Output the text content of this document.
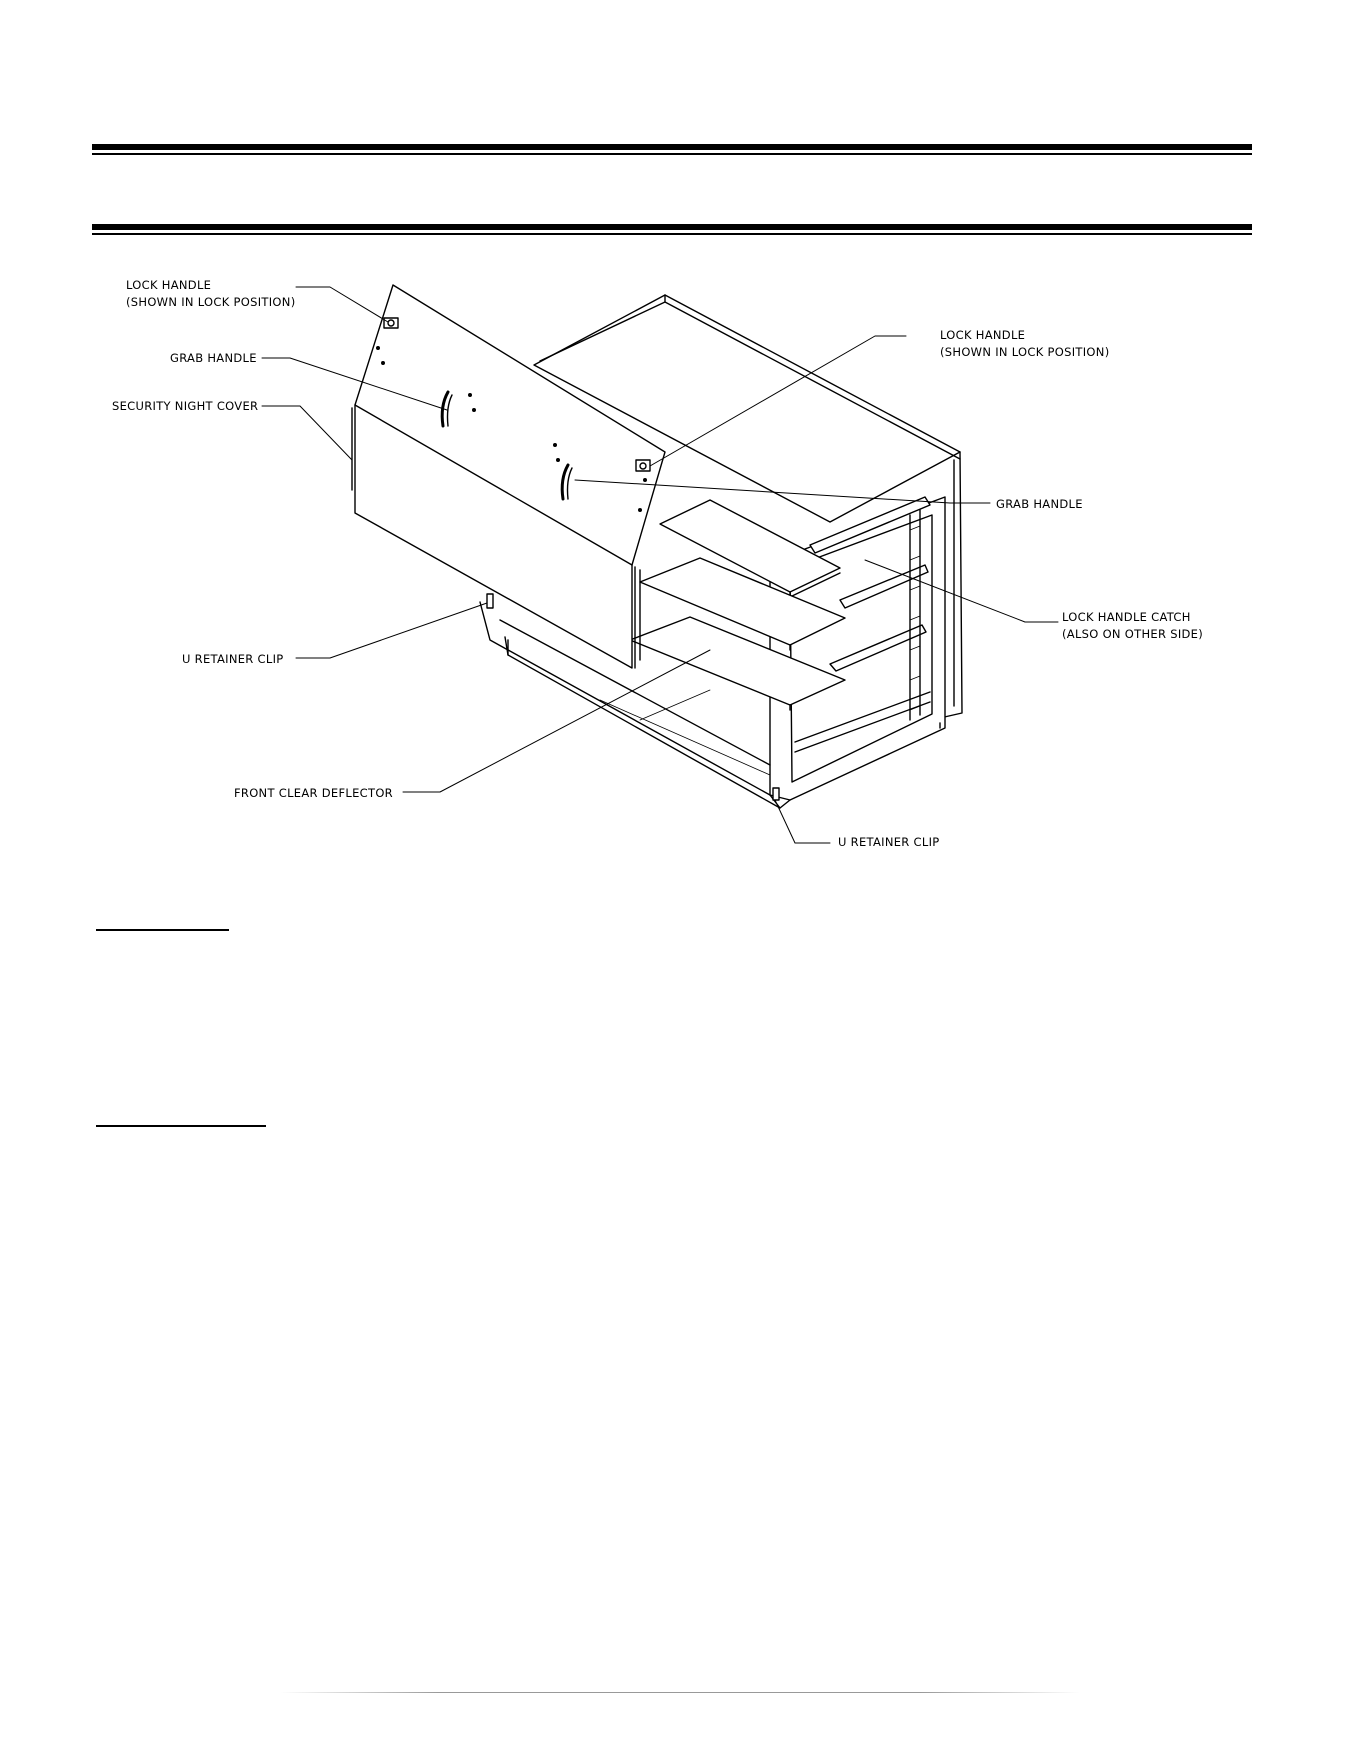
LOCK HANDLE
(SHOWN IN LOCK POSITION)
GRAB HANDLE
SECURITY NIGHT COVER
U RETAINER CLIP
FRONT CLEAR DEFLECTOR
LOCK HANDLE
(SHOWN IN LOCK POSITION)
GRAB HANDLE
LOCK HANDLE CATCH
(ALSO ON OTHER SIDE)
U RETAINER CLIP
